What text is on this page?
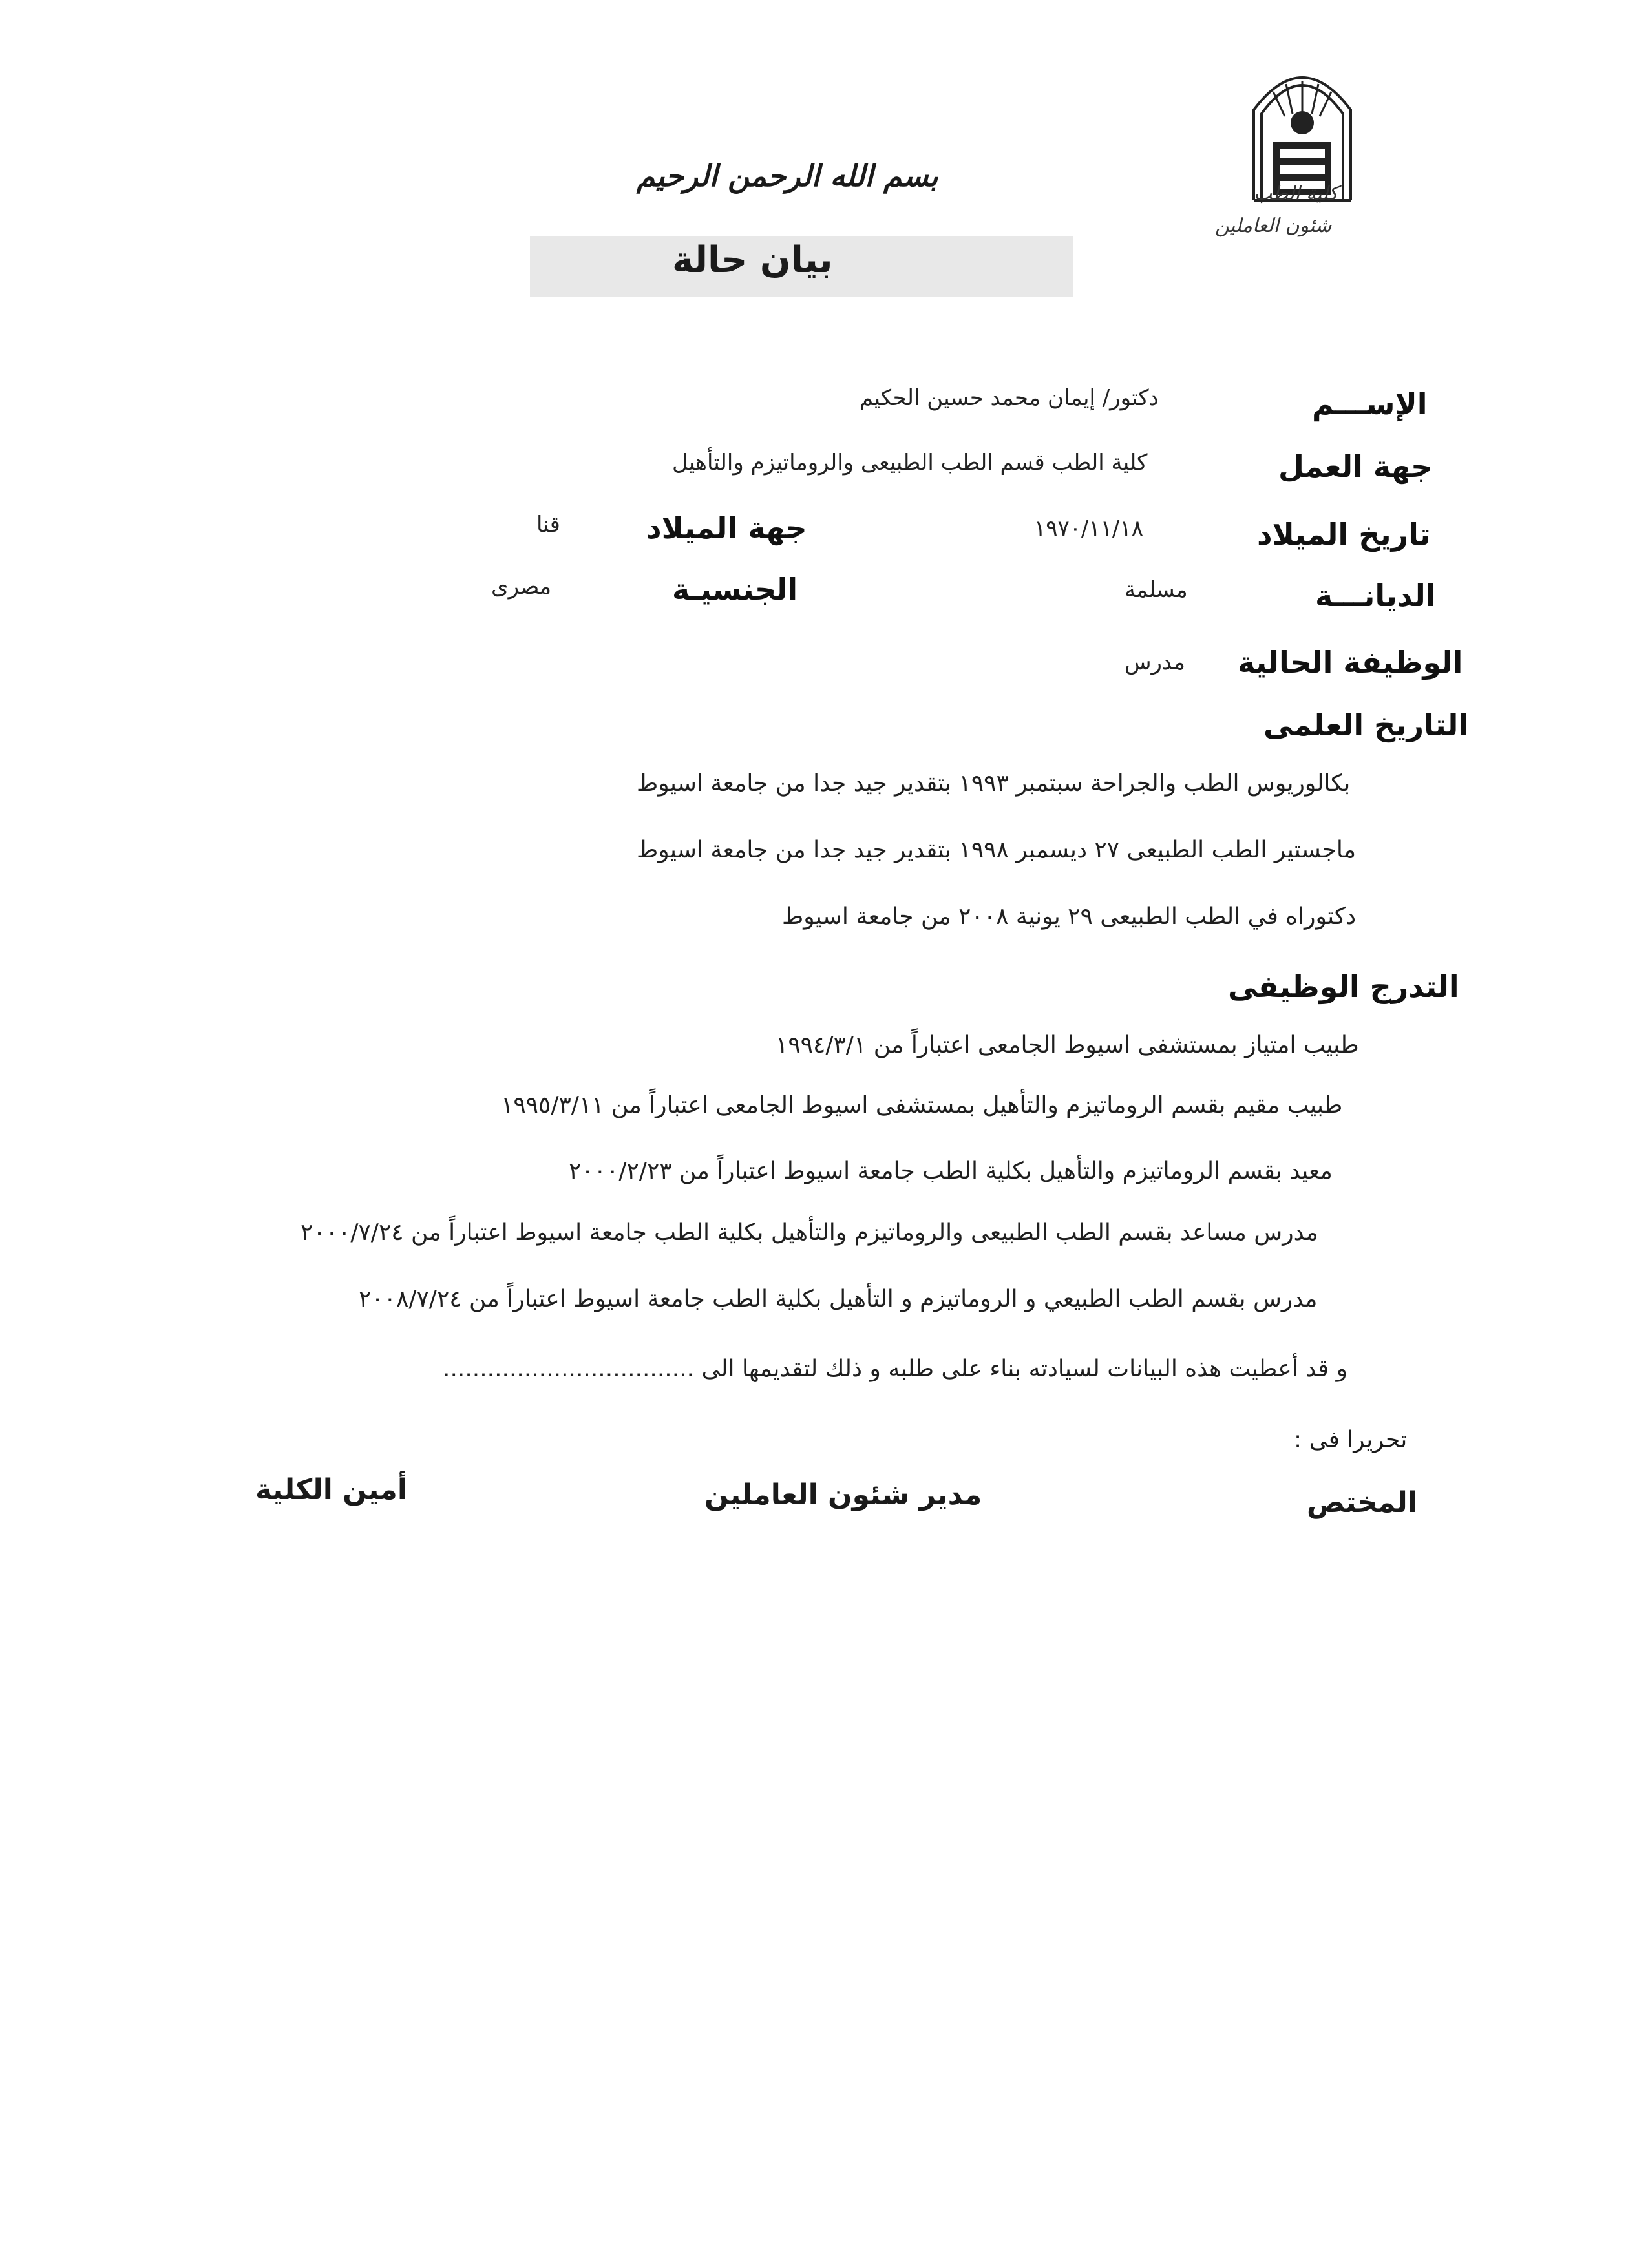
كلية الطب
شئون العاملين
بسم الله الرحمن الرحيم
بيان حالة
الإســـم
دكتور/ إيمان محمد حسين الحكيم
جهة العمل
كلية الطب قسم الطب الطبيعى والروماتيزم والتأهيل
تاريخ الميلاد
١٩٧٠/١١/١٨
جهة الميلاد
قنا
الديانـــة
مسلمة
الجنسيـة
مصرى
الوظيفة الحالية
مدرس
التاريخ العلمى
بكالوريوس الطب والجراحة سبتمبر ١٩٩٣ بتقدير جيد جدا من جامعة اسيوط
ماجستير الطب الطبيعى ٢٧ ديسمبر ١٩٩٨ بتقدير جيد جدا من جامعة اسيوط
دكتوراه في الطب الطبيعى ٢٩ يونية ٢٠٠٨ من جامعة اسيوط
التدرج الوظيفى
طبيب امتياز بمستشفى اسيوط الجامعى اعتباراً من ١٩٩٤/٣/١
طبيب مقيم بقسم الروماتيزم والتأهيل بمستشفى اسيوط الجامعى اعتباراً من ١٩٩٥/٣/١١
معيد بقسم الروماتيزم والتأهيل بكلية الطب جامعة اسيوط اعتباراً من ٢٠٠٠/٢/٢٣
مدرس مساعد بقسم الطب الطبيعى والروماتيزم والتأهيل بكلية الطب جامعة اسيوط اعتباراً من ٢٠٠٠/٧/٢٤
مدرس بقسم الطب الطبيعي و الروماتيزم و التأهيل بكلية الطب جامعة اسيوط اعتباراً من ٢٠٠٨/٧/٢٤
و قد أعطيت هذه البيانات لسيادته بناء على طلبه و ذلك لتقديمها الى ..................................
تحريرا فى :
المختص
مدير شئون العاملين
أمين الكلية
